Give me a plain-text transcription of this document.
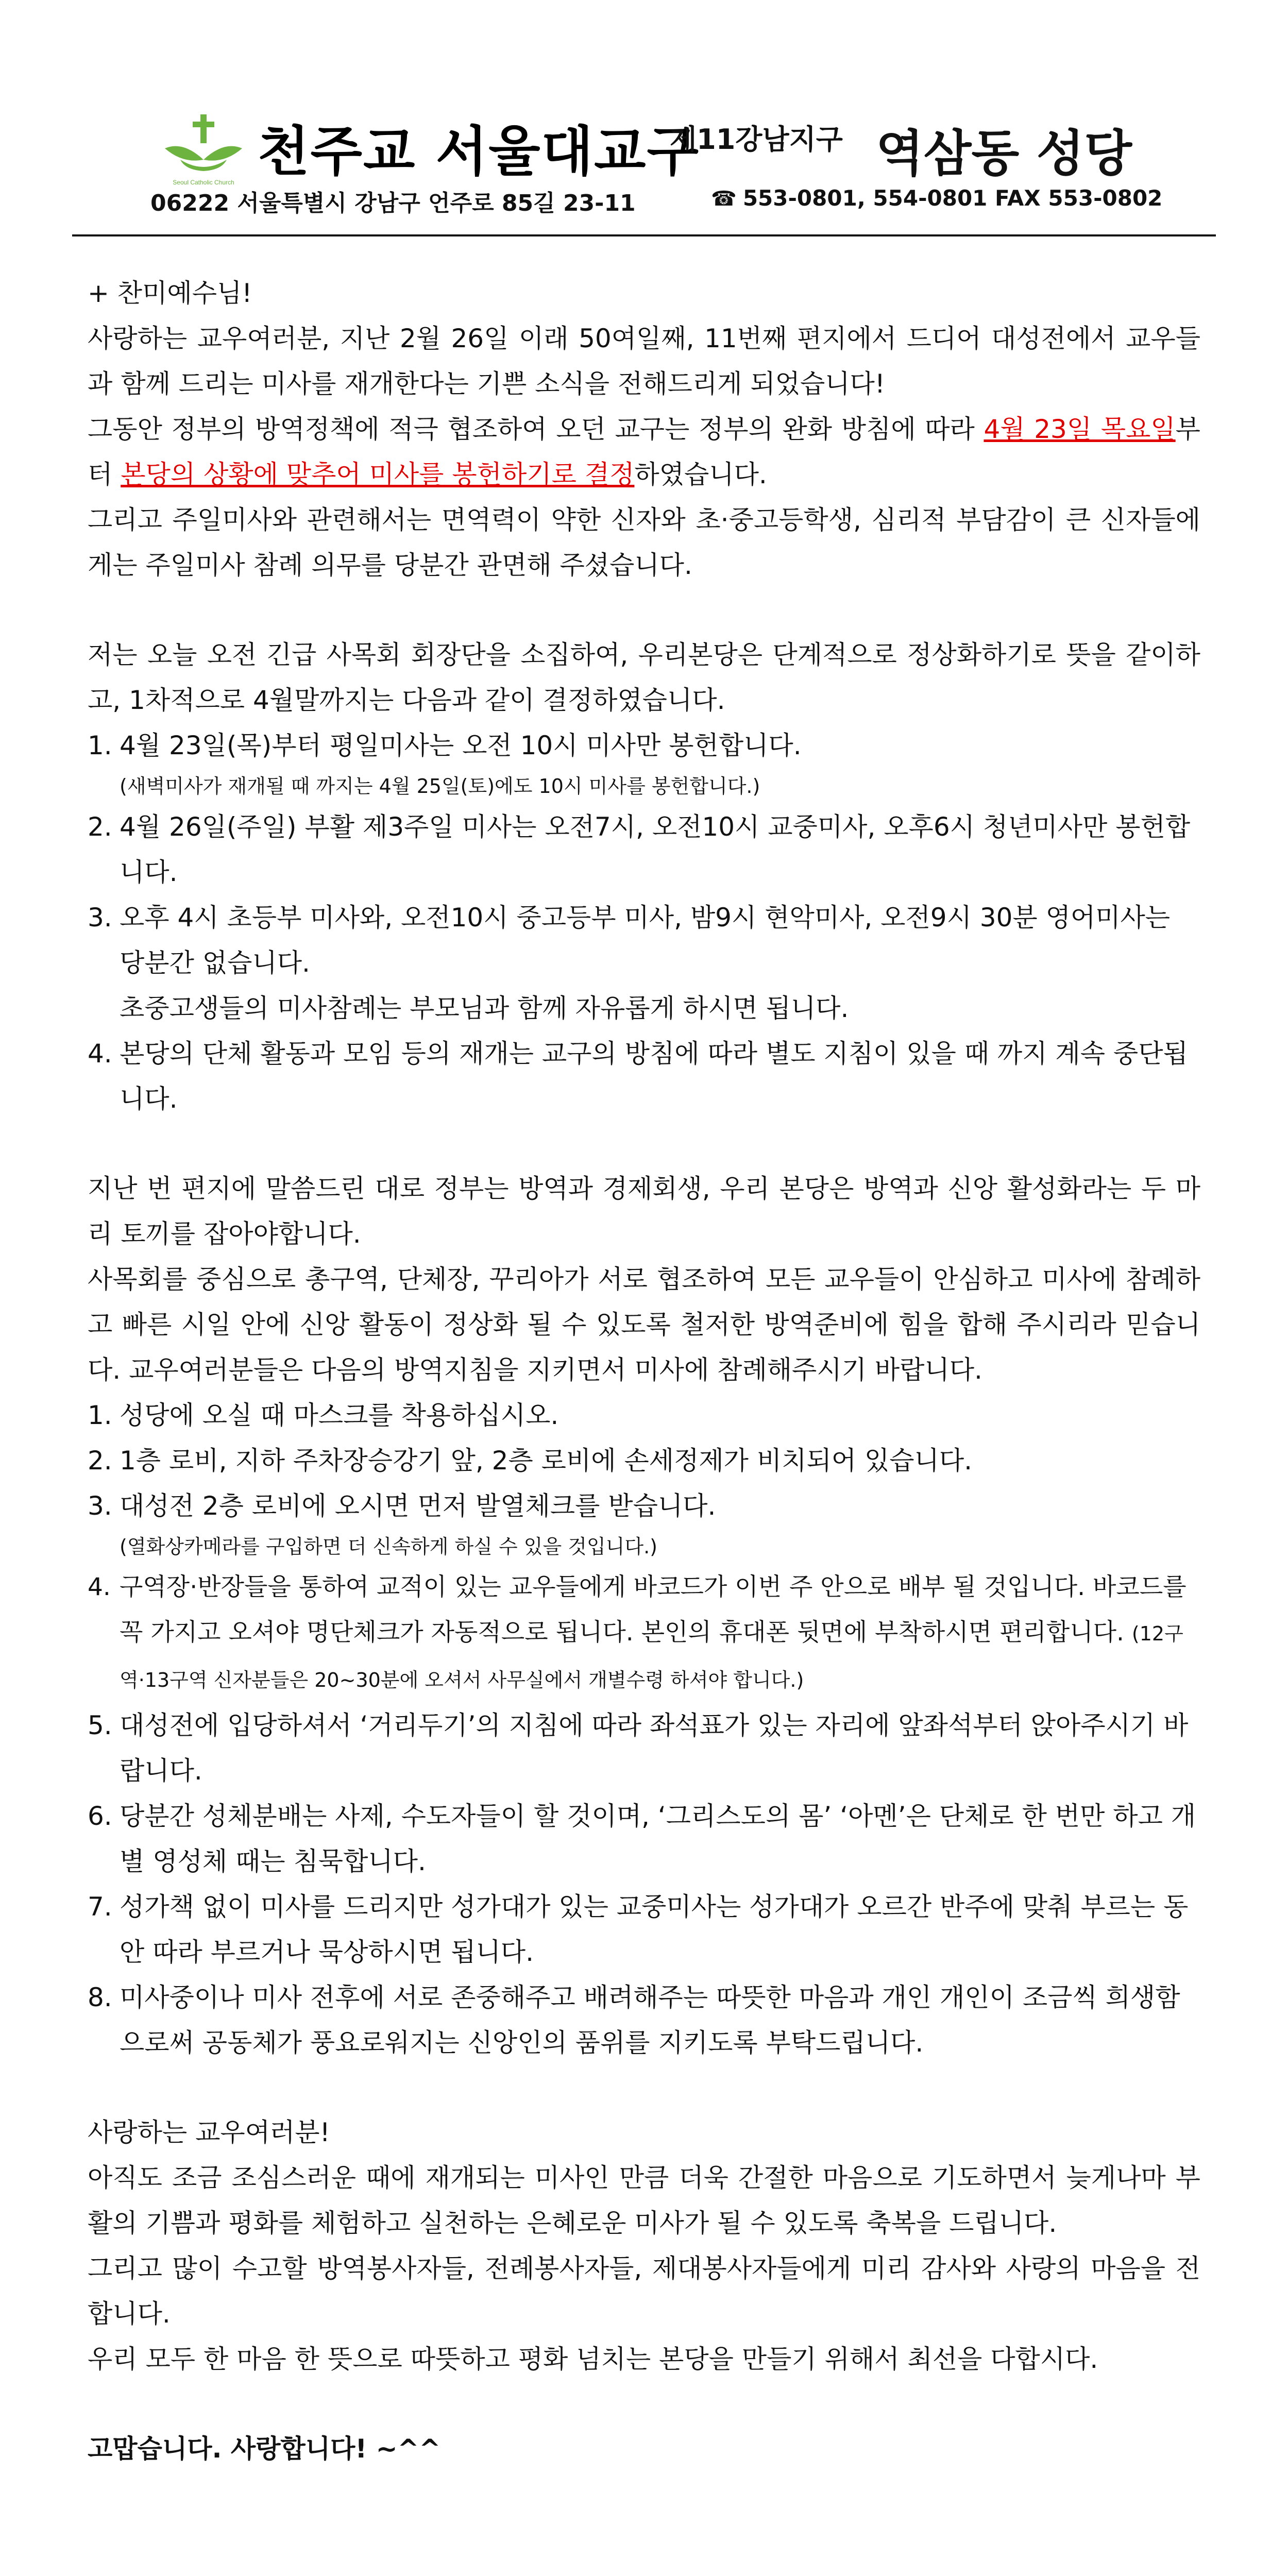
Seoul Catholic Church 천주교 서울대교구
제11강남지구 역삼동 성당
06222 서울특별시 강남구 언주로 85길 23-11	☎ 553-0801, 554-0801 FAX 553-0802

+ 찬미예수님!

사랑하는 교우여러분, 지난 2월 26일 이래 50여일째, 11번째 편지에서 드디어 대성전에서 교우들과 함께 드리는 미사를 재개한다는 기쁜 소식을 전해드리게 되었습니다!

그동안 정부의 방역정책에 적극 협조하여 오던 교구는 정부의 완화 방침에 따라 4월 23일 목요일부터 본당의 상황에 맞추어 미사를 봉헌하기로 결정하였습니다.

그리고 주일미사와 관련해서는 면역력이 약한 신자와 초·중고등학생, 심리적 부담감이 큰 신자들에게는 주일미사 참례 의무를 당분간 관면해 주셨습니다.

저는 오늘 오전 긴급 사목회 회장단을 소집하여, 우리본당은 단계적으로 정상화하기로 뜻을 같이하고, 1차적으로 4월말까지는 다음과 같이 결정하였습니다.

1. 4월 23일(목)부터 평일미사는 오전 10시 미사만 봉헌합니다.
(새벽미사가 재개될 때 까지는 4월 25일(토)에도 10시 미사를 봉헌합니다.)
2. 4월 26일(주일) 부활 제3주일 미사는 오전7시, 오전10시 교중미사, 오후6시 청년미사만 봉헌합니다.
3. 오후 4시 초등부 미사와, 오전10시 중고등부 미사, 밤9시 현악미사, 오전9시 30분 영어미사는 당분간 없습니다.
초중고생들의 미사참례는 부모님과 함께 자유롭게 하시면 됩니다.
4. 본당의 단체 활동과 모임 등의 재개는 교구의 방침에 따라 별도 지침이 있을 때 까지 계속 중단됩니다.

지난 번 편지에 말씀드린 대로 정부는 방역과 경제회생, 우리 본당은 방역과 신앙 활성화라는 두 마리 토끼를 잡아야합니다.

사목회를 중심으로 총구역, 단체장, 꾸리아가 서로 협조하여 모든 교우들이 안심하고 미사에 참례하고 빠른 시일 안에 신앙 활동이 정상화 될 수 있도록 철저한 방역준비에 힘을 합해 주시리라 믿습니다. 교우여러분들은 다음의 방역지침을 지키면서 미사에 참례해주시기 바랍니다.

1. 성당에 오실 때 마스크를 착용하십시오.
2. 1층 로비, 지하 주차장승강기 앞, 2층 로비에 손세정제가 비치되어 있습니다.
3. 대성전 2층 로비에 오시면 먼저 발열체크를 받습니다.
(열화상카메라를 구입하면 더 신속하게 하실 수 있을 것입니다.)
4. 구역장·반장들을 통하여 교적이 있는 교우들에게 바코드가 이번 주 안으로 배부 될 것입니다. 바코드를 꼭 가지고 오셔야 명단체크가 자동적으로 됩니다. 본인의 휴대폰 뒷면에 부착하시면 편리합니다. (12구역·13구역 신자분들은 20~30분에 오셔서 사무실에서 개별수령 하셔야 합니다.)
5. 대성전에 입당하셔서 ‘거리두기’의 지침에 따라 좌석표가 있는 자리에 앞좌석부터 앉아주시기 바랍니다.
6. 당분간 성체분배는 사제, 수도자들이 할 것이며, ‘그리스도의 몸’ ‘아멘’은 단체로 한 번만 하고 개별 영성체 때는 침묵합니다.
7. 성가책 없이 미사를 드리지만 성가대가 있는 교중미사는 성가대가 오르간 반주에 맞춰 부르는 동안 따라 부르거나 묵상하시면 됩니다.
8. 미사중이나 미사 전후에 서로 존중해주고 배려해주는 따뜻한 마음과 개인 개인이 조금씩 희생함으로써 공동체가 풍요로워지는 신앙인의 품위를 지키도록 부탁드립니다.

사랑하는 교우여러분!

아직도 조금 조심스러운 때에 재개되는 미사인 만큼 더욱 간절한 마음으로 기도하면서 늦게나마 부활의 기쁨과 평화를 체험하고 실천하는 은혜로운 미사가 될 수 있도록 축복을 드립니다.

그리고 많이 수고할 방역봉사자들, 전례봉사자들, 제대봉사자들에게 미리 감사와 사랑의 마음을 전합니다.

우리 모두 한 마음 한 뜻으로 따뜻하고 평화 넘치는 본당을 만들기 위해서 최선을 다합시다.

고맙습니다. 사랑합니다! ~^^
